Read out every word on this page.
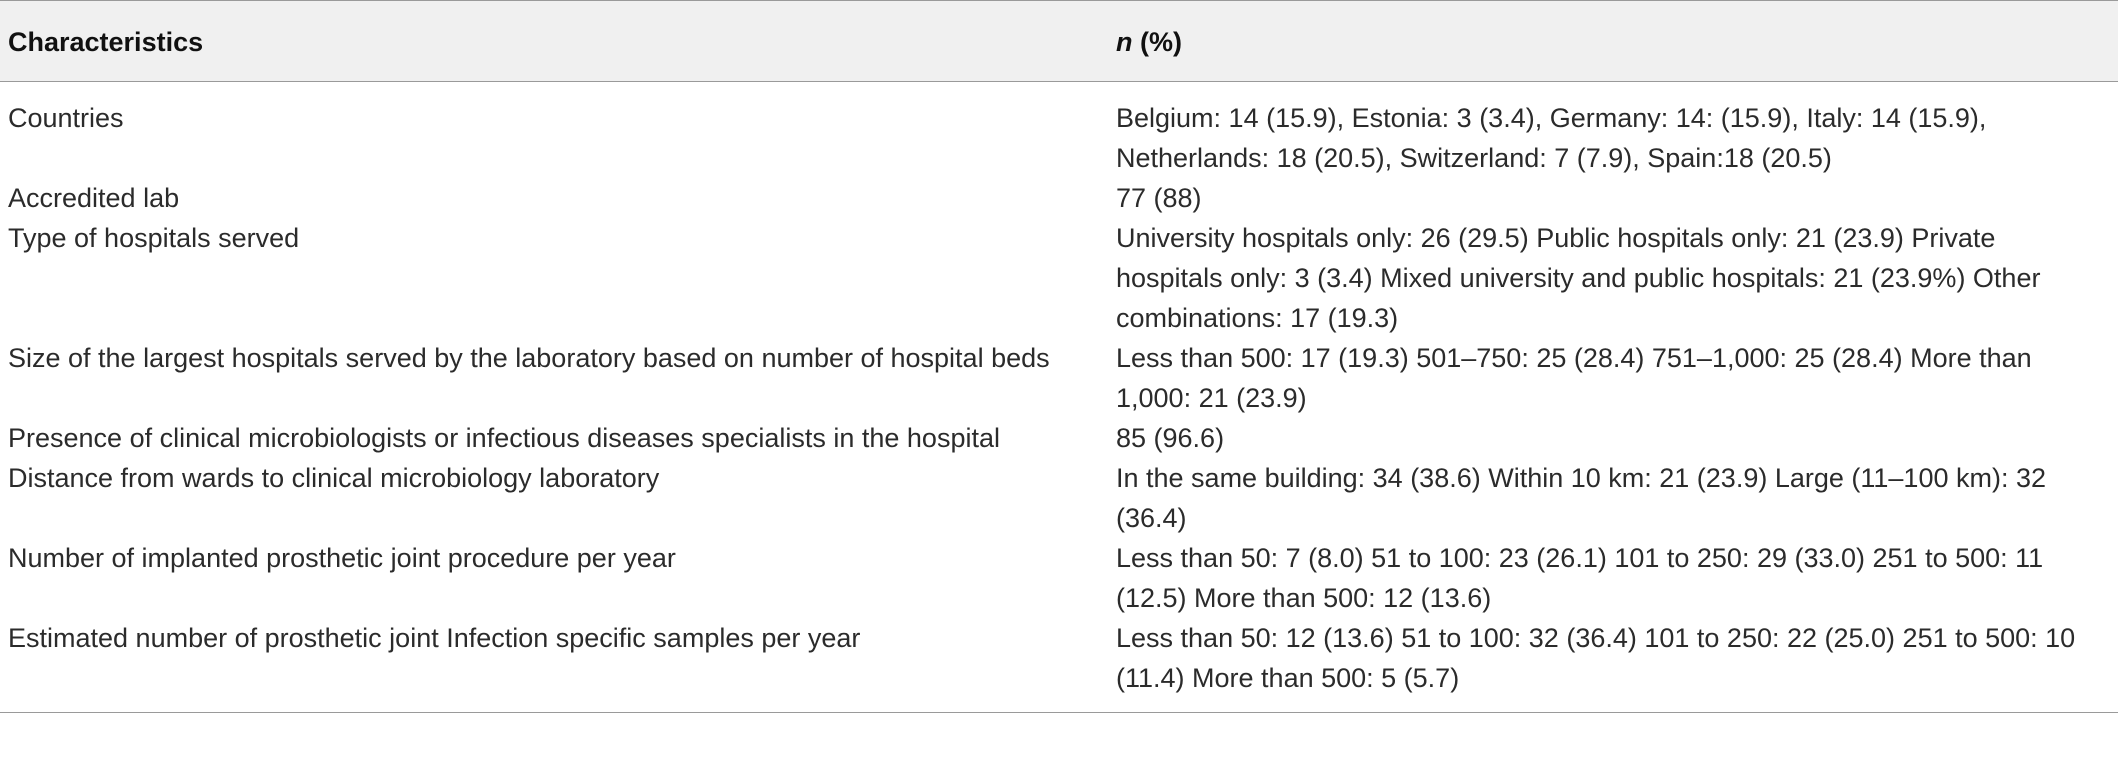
Characteristics	n (%)
Countries	Belgium: 14 (15.9), Estonia: 3 (3.4), Germany: 14: (15.9), Italy: 14 (15.9), Netherlands: 18 (20.5), Switzerland: 7 (7.9), Spain:18 (20.5)
Accredited lab	77 (88)
Type of hospitals served	University hospitals only: 26 (29.5) Public hospitals only: 21 (23.9) Private hospitals only: 3 (3.4) Mixed university and public hospitals: 21 (23.9%) Other combinations: 17 (19.3)
Size of the largest hospitals served by the laboratory based on number of hospital beds	Less than 500: 17 (19.3) 501–750: 25 (28.4) 751–1,000: 25 (28.4) More than 1,000: 21 (23.9)
Presence of clinical microbiologists or infectious diseases specialists in the hospital	85 (96.6)
Distance from wards to clinical microbiology laboratory	In the same building: 34 (38.6) Within 10 km: 21 (23.9) Large (11–100 km): 32 (36.4)
Number of implanted prosthetic joint procedure per year	Less than 50: 7 (8.0) 51 to 100: 23 (26.1) 101 to 250: 29 (33.0) 251 to 500: 11 (12.5) More than 500: 12 (13.6)
Estimated number of prosthetic joint Infection specific samples per year	Less than 50: 12 (13.6) 51 to 100: 32 (36.4) 101 to 250: 22 (25.0) 251 to 500: 10 (11.4) More than 500: 5 (5.7)
